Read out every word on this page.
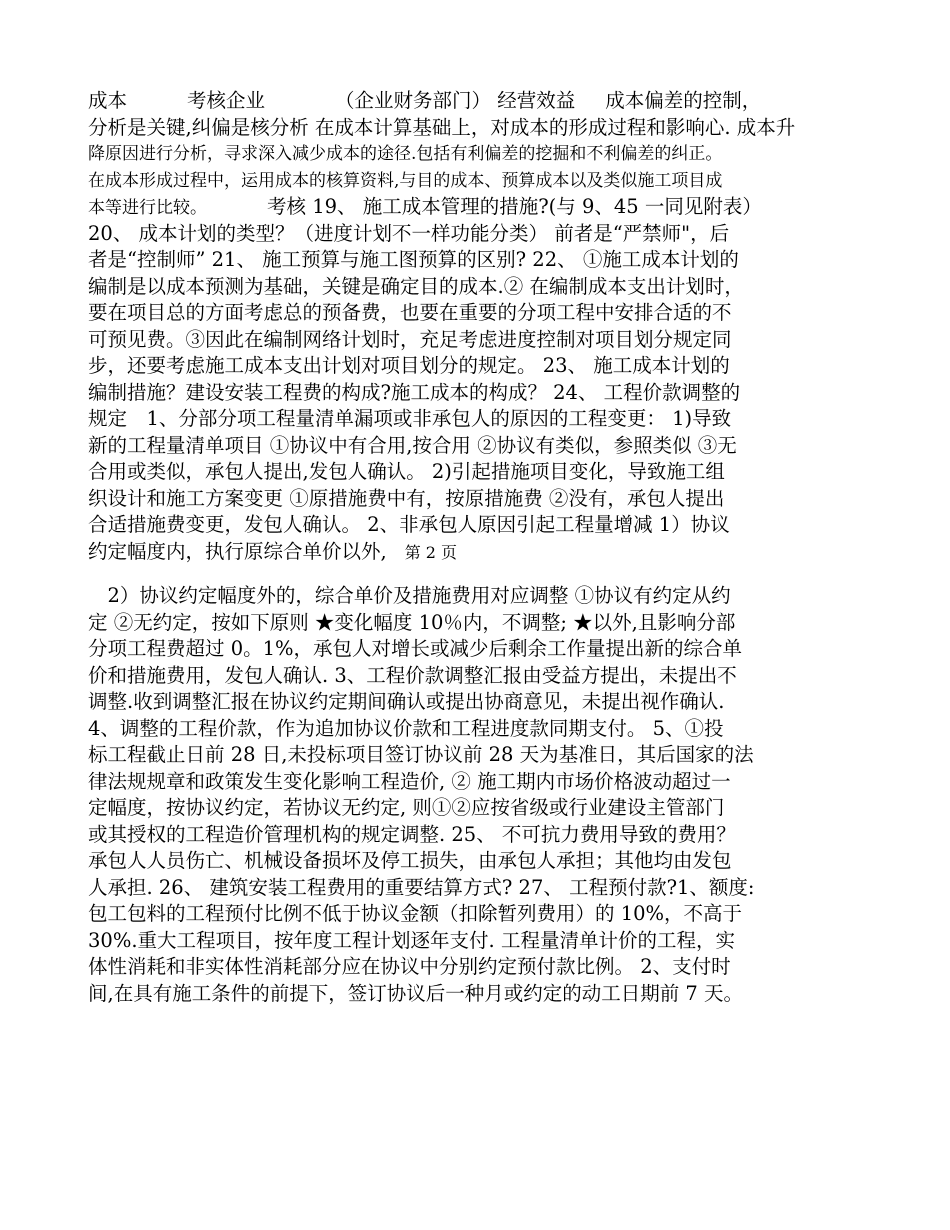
成本	考核企业	（企业财务部门） 经营效益 成本偏差的控制，
分析是关键,纠偏是核分析 在成本计算基础上，对成本的形成过程和影响心. 成本升
降原因进行分析，寻求深入减少成本的途径.包括有利偏差的挖掘和不利偏差的纠正。
在成本形成过程中，运用成本的核算资料,与目的成本、预算成本以及类似施工项目成
本等进行比较。	考核 19、 施工成本管理的措施?(与 9、45 一同见附表）
20、 成本计划的类型？（进度计划不一样功能分类） 前者是“严禁师"，后
者是“控制师” 21、 施工预算与施工图预算的区别? 22、 ①施工成本计划的
编制是以成本预测为基础，关键是确定目的成本.② 在编制成本支出计划时，
要在项目总的方面考虑总的预备费，也要在重要的分项工程中安排合适的不
可预见费。③因此在编制网络计划时，充足考虑进度控制对项目划分规定同
步，还要考虑施工成本支出计划对项目划分的规定。 23、 施工成本计划的
编制措施？建设安装工程费的构成?施工成本的构成？ 24、 工程价款调整的
规定　1、分部分项工程量清单漏项或非承包人的原因的工程变更： 1)导致
新的工程量清单项目 ①协议中有合用,按合用 ②协议有类似，参照类似 ③无
合用或类似，承包人提出,发包人确认。 2)引起措施项目变化，导致施工组
织设计和施工方案变更 ①原措施费中有，按原措施费 ②没有，承包人提出
合适措施费变更，发包人确认。 2、非承包人原因引起工程量增减 1）协议
约定幅度内，执行原综合单价以外, 第 2 页
　2）协议约定幅度外的，综合单价及措施费用对应调整 ①协议有约定从约
定 ②无约定，按如下原则 ★变化幅度 10％内，不调整; ★以外,且影响分部
分项工程费超过 0。1%，承包人对增长或减少后剩余工作量提出新的综合单
价和措施费用，发包人确认. 3、工程价款调整汇报由受益方提出，未提出不
调整.收到调整汇报在协议约定期间确认或提出协商意见，未提出视作确认.
4、调整的工程价款，作为追加协议价款和工程进度款同期支付。 5、①投
标工程截止日前 28 日,未投标项目签订协议前 28 天为基准日，其后国家的法
律法规规章和政策发生变化影响工程造价, ② 施工期内市场价格波动超过一
定幅度，按协议约定，若协议无约定, 则①②应按省级或行业建设主管部门
或其授权的工程造价管理机构的规定调整. 25、 不可抗力费用导致的费用？
承包人人员伤亡、机械设备损坏及停工损失，由承包人承担；其他均由发包
人承担. 26、 建筑安装工程费用的重要结算方式? 27、 工程预付款?1、额度:
包工包料的工程预付比例不低于协议金额（扣除暂列费用）的 10%，不高于
30%.重大工程项目，按年度工程计划逐年支付. 工程量清单计价的工程，实
体性消耗和非实体性消耗部分应在协议中分别约定预付款比例。 2、支付时
间,在具有施工条件的前提下，签订协议后一种月或约定的动工日期前 7 天。
